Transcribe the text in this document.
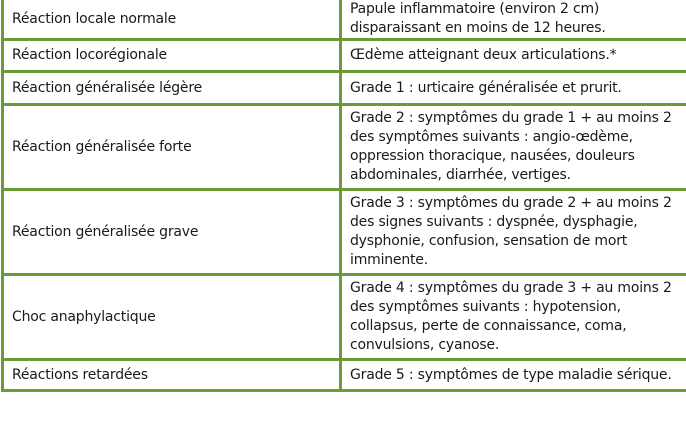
Réaction locale normale	Papule inflammatoire (environ 2 cm) disparaissant en moins de 12 heures.
Réaction locorégionale	Œdème atteignant deux articulations.*
Réaction généralisée légère	Grade 1 : urticaire généralisée et prurit.
Réaction généralisée forte	Grade 2 : symptômes du grade 1 + au moins 2 des symptômes suivants : angio-œdème, oppression thoracique, nausées, douleurs abdominales, diarrhée, vertiges.
Réaction généralisée grave	Grade 3 : symptômes du grade 2 + au moins 2 des signes suivants : dyspnée, dysphagie, dysphonie, confusion, sensation de mort imminente.
Choc anaphylactique	Grade 4 : symptômes du grade 3 + au moins 2 des symptômes suivants : hypotension, collapsus, perte de connaissance, coma, convulsions, cyanose.
Réactions retardées	Grade 5 : symptômes de type maladie sérique.
